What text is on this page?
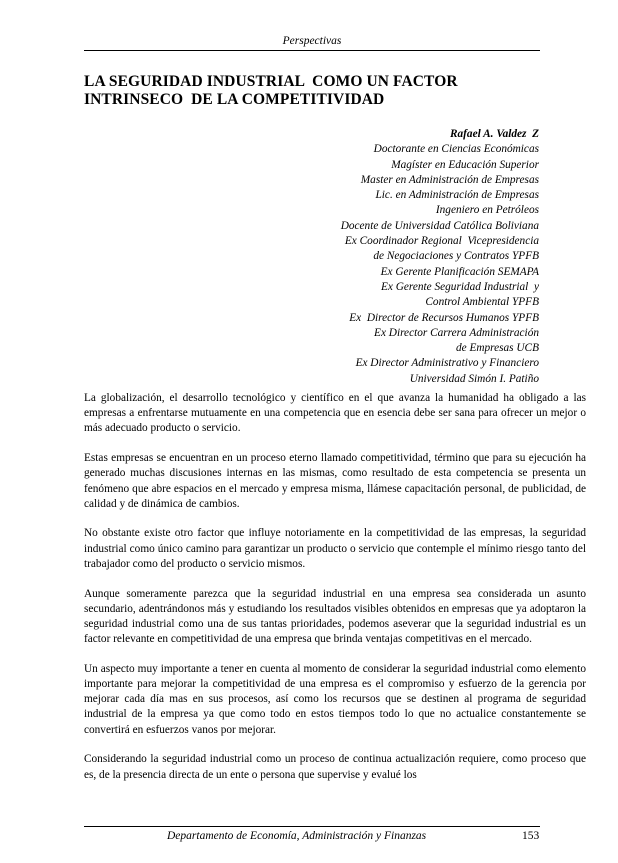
Perspectivas
LA SEGURIDAD INDUSTRIAL  COMO UN FACTOR
INTRINSECO  DE LA COMPETITIVIDAD
Rafael A. Valdez  Z
Doctorante en Ciencias Económicas
Magíster en Educación Superior
Master en Administración de Empresas
Lic. en Administración de Empresas
Ingeniero en Petróleos
Docente de Universidad Católica Boliviana
Ex Coordinador Regional  Vicepresidencia
de Negociaciones y Contratos YPFB
Ex Gerente Planificación SEMAPA
Ex Gerente Seguridad Industrial  y
Control Ambiental YPFB
Ex  Director de Recursos Humanos YPFB
Ex Director Carrera Administración
de Empresas UCB
Ex Director Administrativo y Financiero
Universidad Simón I. Patiño

La globalización, el desarrollo tecnológico y científico en el que avanza la humanidad ha obligado a las empresas a enfrentarse mutuamente en una competencia que en esencia debe ser sana para ofrecer un mejor o más adecuado producto o servicio.

Estas empresas se encuentran en un proceso eterno llamado competitividad, término que para su ejecución ha generado muchas discusiones internas en las mismas, como resultado de esta competencia se presenta un fenómeno que abre espacios en el mercado y empresa misma, llámese capacitación personal, de publicidad, de calidad y de dinámica de cambios.

No obstante existe otro factor que influye notoriamente en la competitividad de las empresas, la seguridad industrial como único camino para garantizar un producto o servicio que contemple el mínimo riesgo tanto del trabajador como del producto o servicio mismos.

Aunque someramente parezca que la seguridad industrial en una empresa sea considerada un asunto secundario, adentrándonos más y estudiando los resultados visibles obtenidos en empresas que ya adoptaron la seguridad industrial como una de sus tantas prioridades, podemos aseverar que la seguridad industrial es un factor relevante en competitividad de una empresa que brinda ventajas competitivas en el mercado.

Un aspecto muy importante a tener en cuenta al momento de considerar la seguridad industrial como elemento importante para mejorar la competitividad de una empresa es el compromiso y esfuerzo de la gerencia por mejorar cada día mas en sus procesos, así como los recursos que se destinen al programa de seguridad industrial de la empresa ya que como todo en estos tiempos todo lo que no actualice constantemente se convertirá en esfuerzos vanos por mejorar.

Considerando la seguridad industrial como un proceso de continua actualización requiere, como proceso que es, de la presencia directa de un ente o persona que supervise y evalué los

Departamento de Economía, Administración y Finanzas	153
